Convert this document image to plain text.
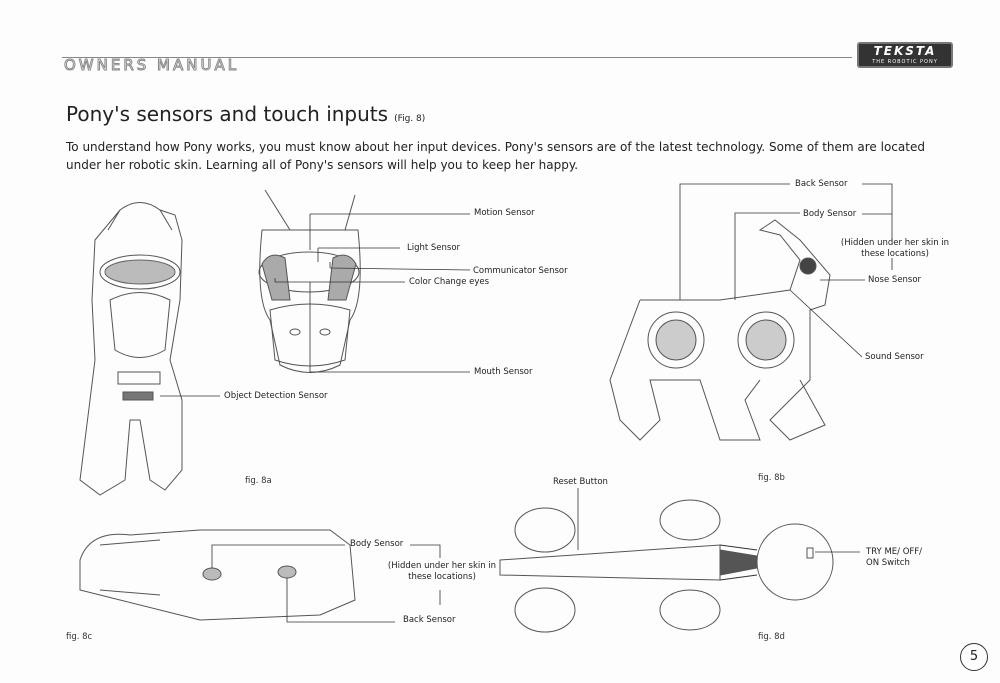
OWNERS MANUAL
TEKSTA
THE ROBOTIC PONY
Pony's sensors and touch inputs (Fig. 8)
To understand how Pony works, you must know about her input devices. Pony's sensors are of the latest technology. Some of them are located under her robotic skin. Learning all of Pony's sensors will help you to keep her happy.
Motion Sensor
Light Sensor
Communicator Sensor
Color Change eyes
Mouth Sensor
Object Detection Sensor
Back Sensor
Body Sensor
(Hidden under her skin in these locations)
Nose Sensor
Sound Sensor
Body Sensor
(Hidden under her skin in these locations)
Back Sensor
Reset Button
TRY ME/ OFF/ ON Switch
fig. 8a	fig. 8b
fig. 8c	fig. 8d
5
